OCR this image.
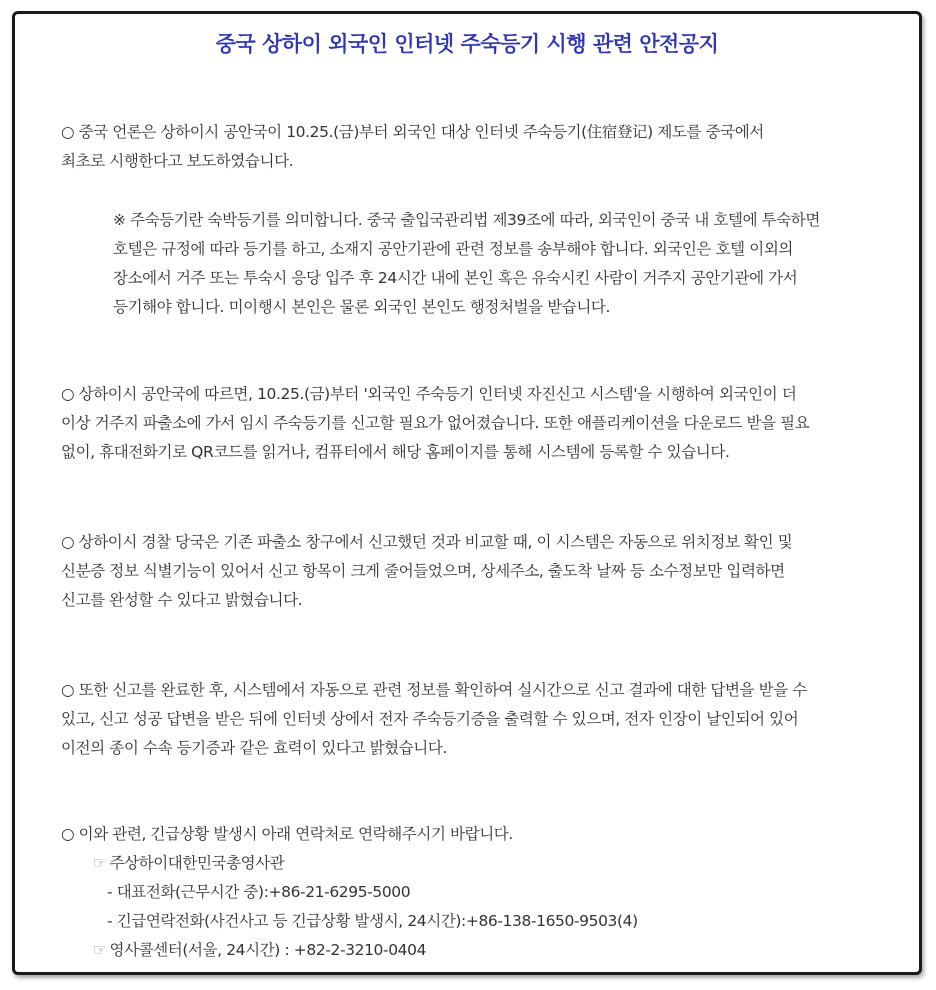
중국 상하이 외국인 인터넷 주숙등기 시행 관련 안전공지
○ 중국 언론은 상하이시 공안국이 10.25.(금)부터 외국인 대상 인터넷 주숙등기(住宿登记) 제도를 중국에서
최초로 시행한다고 보도하였습니다.
※ 주숙등기란 숙박등기를 의미합니다. 중국 출입국관리법 제39조에 따라, 외국인이 중국 내 호텔에 투숙하면
호텔은 규정에 따라 등기를 하고, 소재지 공안기관에 관련 정보를 송부해야 합니다. 외국인은 호텔 이외의
장소에서 거주 또는 투숙시 응당 입주 후 24시간 내에 본인 혹은 유숙시킨 사람이 거주지 공안기관에 가서
등기해야 합니다. 미이행시 본인은 물론 외국인 본인도 행정처벌을 받습니다.
○ 상하이시 공안국에 따르면, 10.25.(금)부터 '외국인 주숙등기 인터넷 자진신고 시스템'을 시행하여 외국인이 더
이상 거주지 파출소에 가서 임시 주숙등기를 신고할 필요가 없어졌습니다. 또한 애플리케이션을 다운로드 받을 필요
없이, 휴대전화기로 QR코드를 읽거나, 컴퓨터에서 해당 홈페이지를 통해 시스템에 등록할 수 있습니다.
○ 상하이시 경찰 당국은 기존 파출소 창구에서 신고했던 것과 비교할 때, 이 시스템은 자동으로 위치정보 확인 및
신분증 정보 식별기능이 있어서 신고 항목이 크게 줄어들었으며, 상세주소, 출도착 날짜 등 소수정보만 입력하면
신고를 완성할 수 있다고 밝혔습니다.
○ 또한 신고를 완료한 후, 시스템에서 자동으로 관련 정보를 확인하여 실시간으로 신고 결과에 대한 답변을 받을 수
있고, 신고 성공 답변을 받은 뒤에 인터넷 상에서 전자 주숙등기증을 출력할 수 있으며, 전자 인장이 날인되어 있어
이전의 종이 수속 등기증과 같은 효력이 있다고 밝혔습니다.
○ 이와 관련, 긴급상황 발생시 아래 연락처로 연락해주시기 바랍니다.
☞ 주상하이대한민국총영사관
- 대표전화(근무시간 중):+86-21-6295-5000
- 긴급연락전화(사건사고 등 긴급상황 발생시, 24시간):+86-138-1650-9503(4)
☞ 영사콜센터(서울, 24시간) : +82-2-3210-0404
